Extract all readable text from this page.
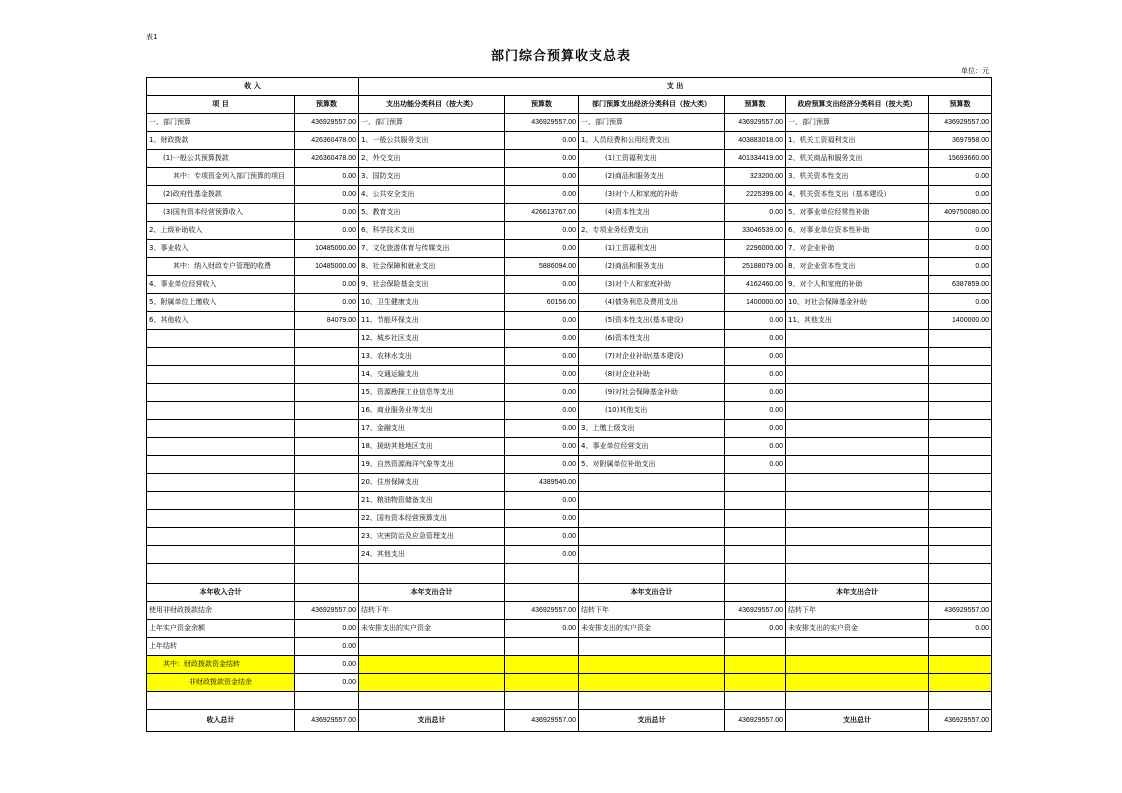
表1
部门综合预算收支总表
单位：元
收 入		支 出					
项 目	预算数	支出功能分类科目（按大类）	预算数	部门预算支出经济分类科目（按大类）	预算数	政府预算支出经济分类科目（按大类）	预算数
一、部门预算	436929557.00	一、部门预算	436929557.00	一、部门预算	436929557.00	一、部门预算	436929557.00
1、财政拨款	426360478.00	1、一般公共服务支出	0.00	1、人员经费和公用经费支出	403883018.00	1、机关工资福利支出	3697958.00
(1)一般公共预算拨款	426360478.00	2、外交支出	0.00	(1)工资福利支出	401334419.00	2、机关商品和服务支出	15693660.00
其中：专项资金列入部门预算的项目	0.00	3、国防支出	0.00	(2)商品和服务支出	323200.00	3、机关资本性支出	0.00
(2)政府性基金拨款	0.00	4、公共安全支出	0.00	(3)对个人和家庭的补助	2225399.00	4、机关资本性支出（基本建设）	0.00
(3)国有资本经营预算收入	0.00	5、教育支出	426613767.00	(4)资本性支出	0.00	5、对事业单位经常性补助	409750080.00
2、上级补助收入	0.00	6、科学技术支出	0.00	2、专项业务经费支出	33046539.00	6、对事业单位资本性补助	0.00
3、事业收入	10485000.00	7、文化旅游体育与传媒支出	0.00	(1)工资福利支出	2296000.00	7、对企业补助	0.00
其中：纳入财政专户管理的收费	10485000.00	8、社会保障和就业支出	5886094.00	(2)商品和服务支出	25188079.00	8、对企业资本性支出	0.00
4、事业单位经营收入	0.00	9、社会保险基金支出	0.00	(3)对个人和家庭补助	4162460.00	9、对个人和家庭的补助	6387859.00
5、附属单位上缴收入	0.00	10、卫生健康支出	60156.00	(4)债务利息及费用支出	1400000.00	10、对社会保障基金补助	0.00
6、其他收入	84079.00	11、节能环保支出	0.00	(5)资本性支出(基本建设)	0.00	11、其他支出	1400000.00
		12、城乡社区支出	0.00	(6)资本性支出	0.00		
		13、农林水支出	0.00	(7)对企业补助(基本建设)	0.00		
		14、交通运输支出	0.00	(8)对企业补助	0.00		
		15、资源勘探工业信息等支出	0.00	(9)对社会保障基金补助	0.00		
		16、商业服务业等支出	0.00	(10)其他支出	0.00		
		17、金融支出	0.00	3、上缴上级支出	0.00		
		18、援助其他地区支出	0.00	4、事业单位经营支出	0.00		
		19、自然资源海洋气象等支出	0.00	5、对附属单位补助支出	0.00		
		20、住房保障支出	4389540.00				
		21、粮油物资储备支出	0.00				
		22、国有资本经营预算支出	0.00				
		23、灾害防治及应急管理支出	0.00				
		24、其他支出	0.00				

本年收入合计		本年支出合计		本年支出合计		本年支出合计	
使用非财政拨款结余	436929557.00	结转下年	436929557.00	结转下年	436929557.00	结转下年	436929557.00
上年实户资金余额	0.00	未安排支出的实户资金	0.00	未安排支出的实户资金	0.00	未安排支出的实户资金	0.00
上年结转	0.00						
其中：财政拨款资金结转	0.00						
非财政拨款资金结余	0.00						

收入总计	436929557.00	支出总计	436929557.00	支出总计	436929557.00	支出总计	436929557.00
